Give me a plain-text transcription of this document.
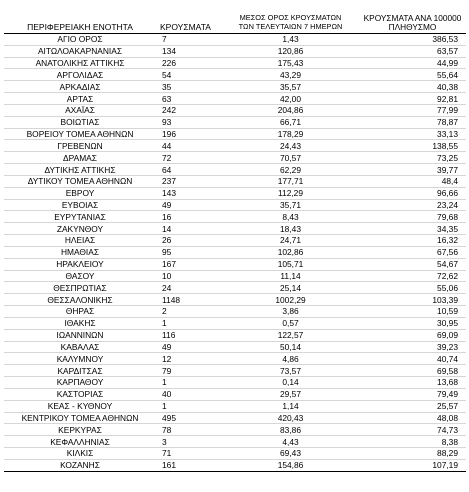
ΠΕΡΙΦΕΡΕΙΑΚΗ ΕΝΟΤΗΤΑ	ΚΡΟΥΣΜΑΤΑ	ΜΕΣΟΣ ΟΡΟΣ ΚΡΟΥΣΜΑΤΩΝ
ΤΩΝ ΤΕΛΕΥΤΑΙΩΝ 7 ΗΜΕΡΩΝ	ΚΡΟΥΣΜΑΤΑ ΑΝΑ 100000
ΠΛΗΘΥΣΜΟ
ΑΓΙΟ ΟΡΟΣ	7	1,43	386,53
ΑΙΤΩΛΟΑΚΑΡΝΑΝΙΑΣ	134	120,86	63,57
ΑΝΑΤΟΛΙΚΗΣ ΑΤΤΙΚΗΣ	226	175,43	44,99
ΑΡΓΟΛΙΔΑΣ	54	43,29	55,64
ΑΡΚΑΔΙΑΣ	35	35,57	40,38
ΑΡΤΑΣ	63	42,00	92,81
ΑΧΑΪΑΣ	242	204,86	77,99
ΒΟΙΩΤΙΑΣ	93	66,71	78,87
ΒΟΡΕΙΟΥ ΤΟΜΕΑ ΑΘΗΝΩΝ	196	178,29	33,13
ΓΡΕΒΕΝΩΝ	44	24,43	138,55
ΔΡΑΜΑΣ	72	70,57	73,25
ΔΥΤΙΚΗΣ ΑΤΤΙΚΗΣ	64	62,29	39,77
ΔΥΤΙΚΟΥ ΤΟΜΕΑ ΑΘΗΝΩΝ	237	177,71	48,4
ΕΒΡΟΥ	143	112,29	96,66
ΕΥΒΟΙΑΣ	49	35,71	23,24
ΕΥΡΥΤΑΝΙΑΣ	16	8,43	79,68
ΖΑΚΥΝΘΟΥ	14	18,43	34,35
ΗΛΕΙΑΣ	26	24,71	16,32
ΗΜΑΘΙΑΣ	95	102,86	67,56
ΗΡΑΚΛΕΙΟΥ	167	105,71	54,67
ΘΑΣΟΥ	10	11,14	72,62
ΘΕΣΠΡΩΤΙΑΣ	24	25,14	55,06
ΘΕΣΣΑΛΟΝΙΚΗΣ	1148	1002,29	103,39
ΘΗΡΑΣ	2	3,86	10,59
ΙΘΑΚΗΣ	1	0,57	30,95
ΙΩΑΝΝΙΝΩΝ	116	122,57	69,09
ΚΑΒΑΛΑΣ	49	50,14	39,23
ΚΑΛΥΜΝΟΥ	12	4,86	40,74
ΚΑΡΔΙΤΣΑΣ	79	73,57	69,58
ΚΑΡΠΑΘΟΥ	1	0,14	13,68
ΚΑΣΤΟΡΙΑΣ	40	29,57	79,49
ΚΕΑΣ - ΚΥΘΝΟΥ	1	1,14	25,57
ΚΕΝΤΡΙΚΟΥ ΤΟΜΕΑ ΑΘΗΝΩΝ	495	420,43	48,08
ΚΕΡΚΥΡΑΣ	78	83,86	74,73
ΚΕΦΑΛΛΗΝΙΑΣ	3	4,43	8,38
ΚΙΛΚΙΣ	71	69,43	88,29
ΚΟΖΑΝΗΣ	161	154,86	107,19
